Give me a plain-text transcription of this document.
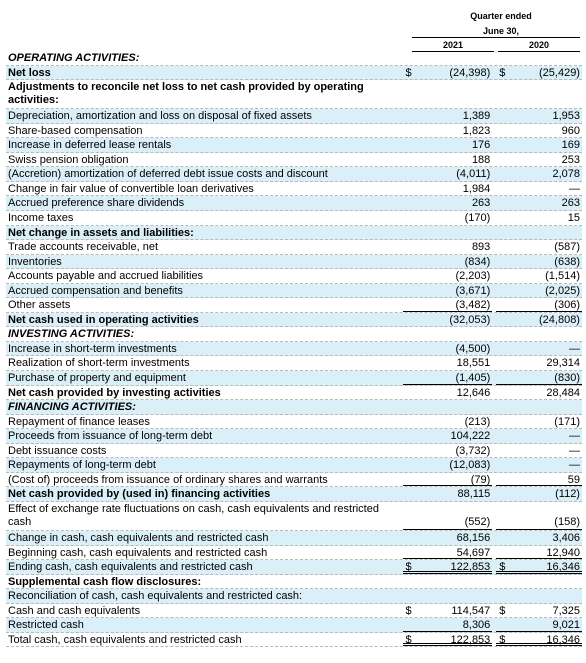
Quarter ended
June 30,
2021	2020
OPERATING ACTIVITIES:
Net loss	$	(24,398) $	(25,429)
Adjustments to reconcile net loss to net cash provided by operating activities:
Depreciation, amortization and loss on disposal of fixed assets	1,389	1,953
Share-based compensation	1,823	960
Increase in deferred lease rentals	176	169
Swiss pension obligation	188	253
(Accretion) amortization of deferred debt issue costs and discount	(4,011)	2,078
Change in fair value of convertible loan derivatives	1,984	—
Accrued preference share dividends	263	263
Income taxes	(170)	15
Net change in assets and liabilities:
Trade accounts receivable, net	893	(587)
Inventories	(834)	(638)
Accounts payable and accrued liabilities	(2,203)	(1,514)
Accrued compensation and benefits	(3,671)	(2,025)
Other assets	(3,482)	(306)
Net cash used in operating activities	(32,053)	(24,808)
INVESTING ACTIVITIES:
Increase in short-term investments	(4,500)	—
Realization of short-term investments	18,551	29,314
Purchase of property and equipment	(1,405)	(830)
Net cash provided by investing activities	12,646	28,484
FINANCING ACTIVITIES:
Repayment of finance leases	(213)	(171)
Proceeds from issuance of long-term debt	104,222	—
Debt issuance costs	(3,732)	—
Repayments of long-term debt	(12,083)	—
(Cost of) proceeds from issuance of ordinary shares and warrants	(79)	59
Net cash provided by (used in) financing activities	88,115	(112)
Effect of exchange rate fluctuations on cash, cash equivalents and restricted cash	(552)	(158)
Change in cash, cash equivalents and restricted cash	68,156	3,406
Beginning cash, cash equivalents and restricted cash	54,697	12,940
Ending cash, cash equivalents and restricted cash	$	122,853 $	16,346
Supplemental cash flow disclosures:
Reconciliation of cash, cash equivalents and restricted cash:
Cash and cash equivalents	$	114,547 $	7,325
Restricted cash	8,306	9,021
Total cash, cash equivalents and restricted cash	$	122,853 $	16,346
